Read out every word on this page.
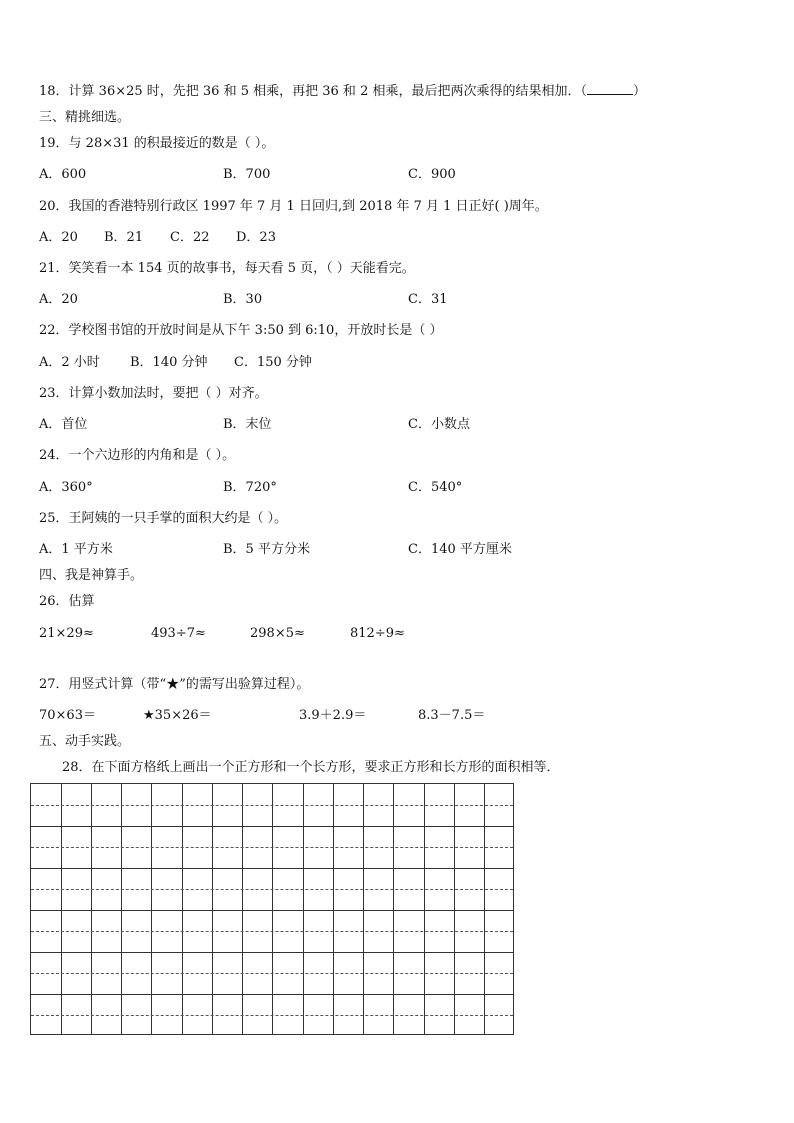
18．计算 36×25 时，先把 36 和 5 相乘，再把 36 和 2 相乘，最后把两次乘得的结果相加．（	）
三、精挑细选。
19．与 28×31 的积最接近的数是（ ）。
A．600	B．700	C．900
20．我国的香港特别行政区 1997 年 7 月 1 日回归,到 2018 年 7 月 1 日正好( )周年。
A．20 B．21 C．22 D．23
21．笑笑看一本 154 页的故事书，每天看 5 页，（ ）天能看完。
A．20	B．30	C．31
22．学校图书馆的开放时间是从下午 3:50 到 6:10，开放时长是（ ）
A．2 小时 B．140 分钟 C．150 分钟
23．计算小数加法时，要把（ ）对齐。
A．首位	B．末位	C．小数点
24．一个六边形的内角和是（ ）。
A．360°	B．720°	C．540°
25．王阿姨的一只手掌的面积大约是（ ）。
A．1 平方米	B．5 平方分米	C．140 平方厘米
四、我是神算手。
26．估算
21×29≈	493÷7≈	298×5≈	812÷9≈
27．用竖式计算（带“★”的需写出验算过程）。
70×63＝	★35×26＝	3.9＋2.9＝	8.3－7.5＝
五、动手实践。
28．在下面方格纸上画出一个正方形和一个长方形，要求正方形和长方形的面积相等．
